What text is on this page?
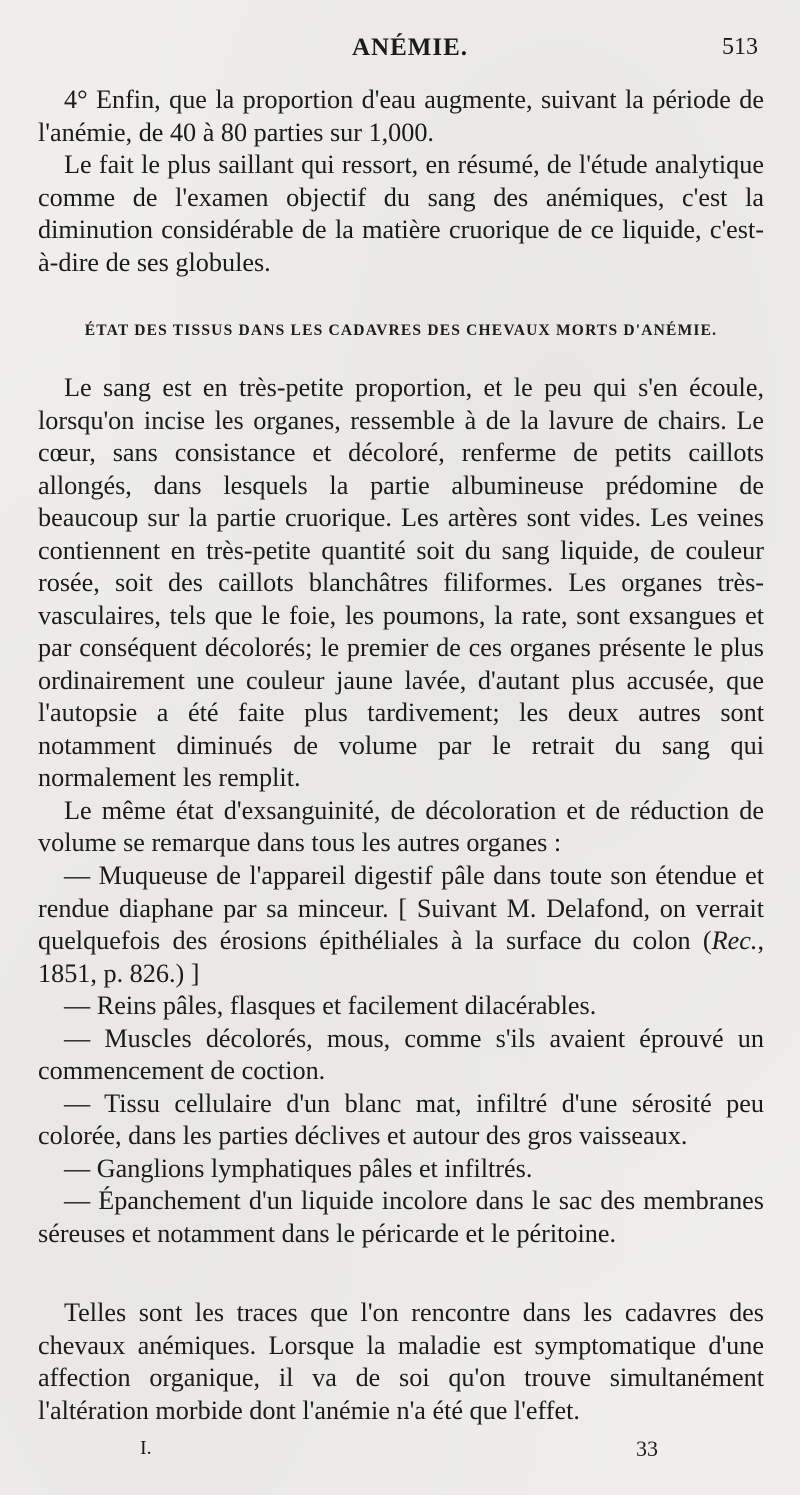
ANÉMIE.	513

4° Enfin, que la proportion d'eau augmente, suivant la période de l'anémie, de 40 à 80 parties sur 1,000.

Le fait le plus saillant qui ressort, en résumé, de l'étude analytique comme de l'examen objectif du sang des anémiques, c'est la diminution considérable de la matière cruorique de ce liquide, c'est-à-dire de ses globules.

ÉTAT DES TISSUS DANS LES CADAVRES DES CHEVAUX MORTS D'ANÉMIE.

Le sang est en très-petite proportion, et le peu qui s'en écoule, lorsqu'on incise les organes, ressemble à de la lavure de chairs. Le cœur, sans consistance et décoloré, renferme de petits caillots allongés, dans lesquels la partie albumineuse prédomine de beaucoup sur la partie cruorique. Les artères sont vides. Les veines contiennent en très-petite quantité soit du sang liquide, de couleur rosée, soit des caillots blanchâtres filiformes. Les organes très-vasculaires, tels que le foie, les poumons, la rate, sont exsangues et par conséquent décolorés; le premier de ces organes présente le plus ordinairement une couleur jaune lavée, d'autant plus accusée, que l'autopsie a été faite plus tardivement; les deux autres sont notamment diminués de volume par le retrait du sang qui normalement les remplit.

Le même état d'exsanguinité, de décoloration et de réduction de volume se remarque dans tous les autres organes :

— Muqueuse de l'appareil digestif pâle dans toute son étendue et rendue diaphane par sa minceur. [ Suivant M. Delafond, on verrait quelquefois des érosions épithéliales à la surface du colon (Rec., 1851, p. 826.) ]

— Reins pâles, flasques et facilement dilacérables.

— Muscles décolorés, mous, comme s'ils avaient éprouvé un commencement de coction.

— Tissu cellulaire d'un blanc mat, infiltré d'une sérosité peu colorée, dans les parties déclives et autour des gros vaisseaux.

— Ganglions lymphatiques pâles et infiltrés.

— Épanchement d'un liquide incolore dans le sac des membranes séreuses et notamment dans le péricarde et le péritoine.

Telles sont les traces que l'on rencontre dans les cadavres des chevaux anémiques. Lorsque la maladie est symptomatique d'une affection organique, il va de soi qu'on trouve simultanément l'altération morbide dont l'anémie n'a été que l'effet.

I.	33
